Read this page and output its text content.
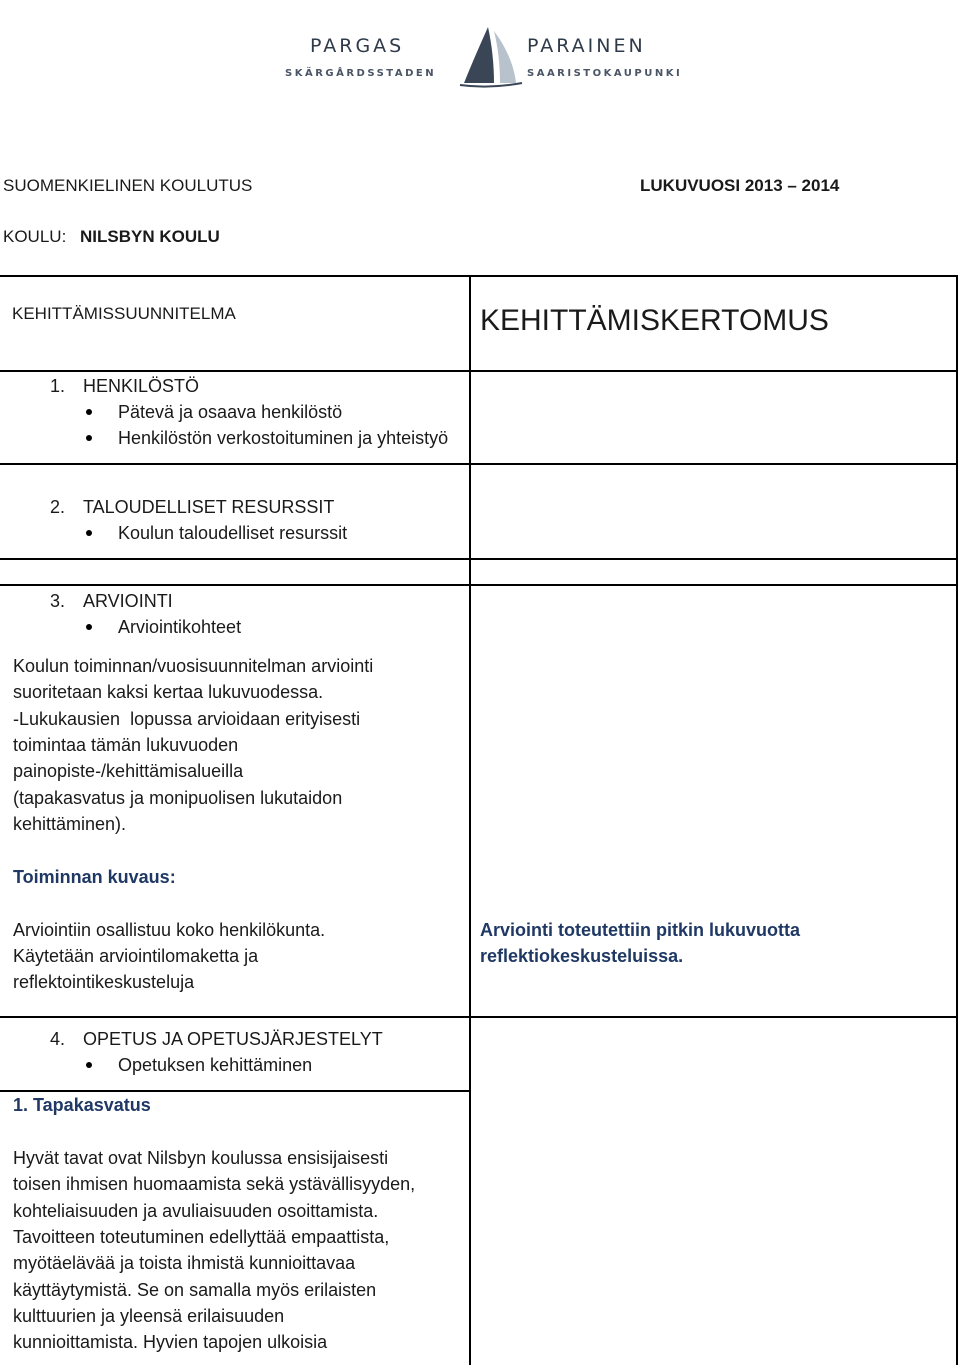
PARGAS
SKÄRGÅRDSSTADEN
PARAINEN
SAARISTOKAUPUNKI
SUOMENKIELINEN KOULUTUS	LUKUVUOSI 2013 – 2014
KOULU: NILSBYN KOULU
KEHITTÄMISSUUNNITELMA	KEHITTÄMISKERTOMUS
1. HENKILÖSTÖ
Pätevä ja osaava henkilöstö
Henkilöstön verkostoituminen ja yhteistyö
2. TALOUDELLISET RESURSSIT
Koulun taloudelliset resurssit
3. ARVIOINTI
Arviointikohteet
Koulun toiminnan/vuosisuunnitelman arviointi
suoritetaan kaksi kertaa lukuvuodessa.
-Lukukausien  lopussa arvioidaan erityisesti
toimintaa tämän lukuvuoden
painopiste-/kehittämisalueilla
(tapakasvatus ja monipuolisen lukutaidon
kehittäminen).
Toiminnan kuvaus:
Arviointiin osallistuu koko henkilökunta.
Käytetään arviointilomaketta ja
reflektointikeskusteluja
Arviointi toteutettiin pitkin lukuvuotta
reflektiokeskusteluissa.
4. OPETUS JA OPETUSJÄRJESTELYT
Opetuksen kehittäminen
1. Tapakasvatus
Hyvät tavat ovat Nilsbyn koulussa ensisijaisesti
toisen ihmisen huomaamista sekä ystävällisyyden,
kohteliaisuuden ja avuliaisuuden osoittamista.
Tavoitteen toteutuminen edellyttää empaattista,
myötäelävää ja toista ihmistä kunnioittavaa
käyttäytymistä. Se on samalla myös erilaisten
kulttuurien ja yleensä erilaisuuden
kunnioittamista. Hyvien tapojen ulkoisia
